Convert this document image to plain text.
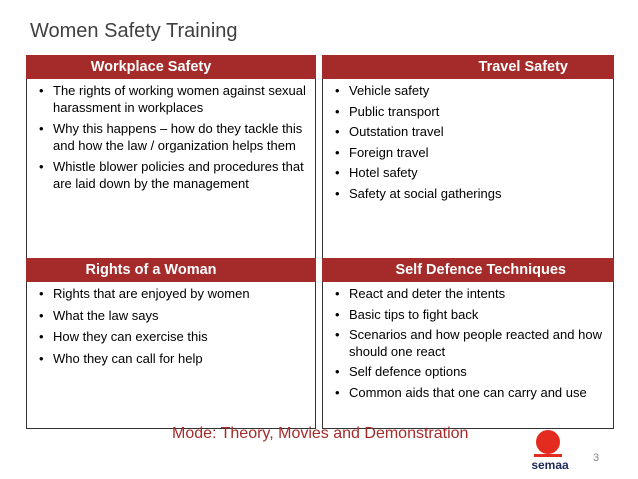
Women Safety Training
Workplace Safety
• The rights of working women against sexual harassment in workplaces
• Why this happens – how do they tackle this and how the law / organization helps them
• Whistle blower policies and procedures that are laid down by the management
Travel Safety
• Vehicle safety
• Public transport
• Outstation travel
• Foreign travel
• Hotel safety
• Safety at social gatherings
Rights of a Woman
• Rights that are enjoyed by women
• What the law says
• How they can exercise this
• Who they can call for help
Self Defence Techniques
• React and deter the intents
• Basic tips to fight back
• Scenarios and how people reacted and how should one react
• Self defence options
• Common aids that one can carry and use
Mode: Theory, Movies and Demonstration
semaa 3
